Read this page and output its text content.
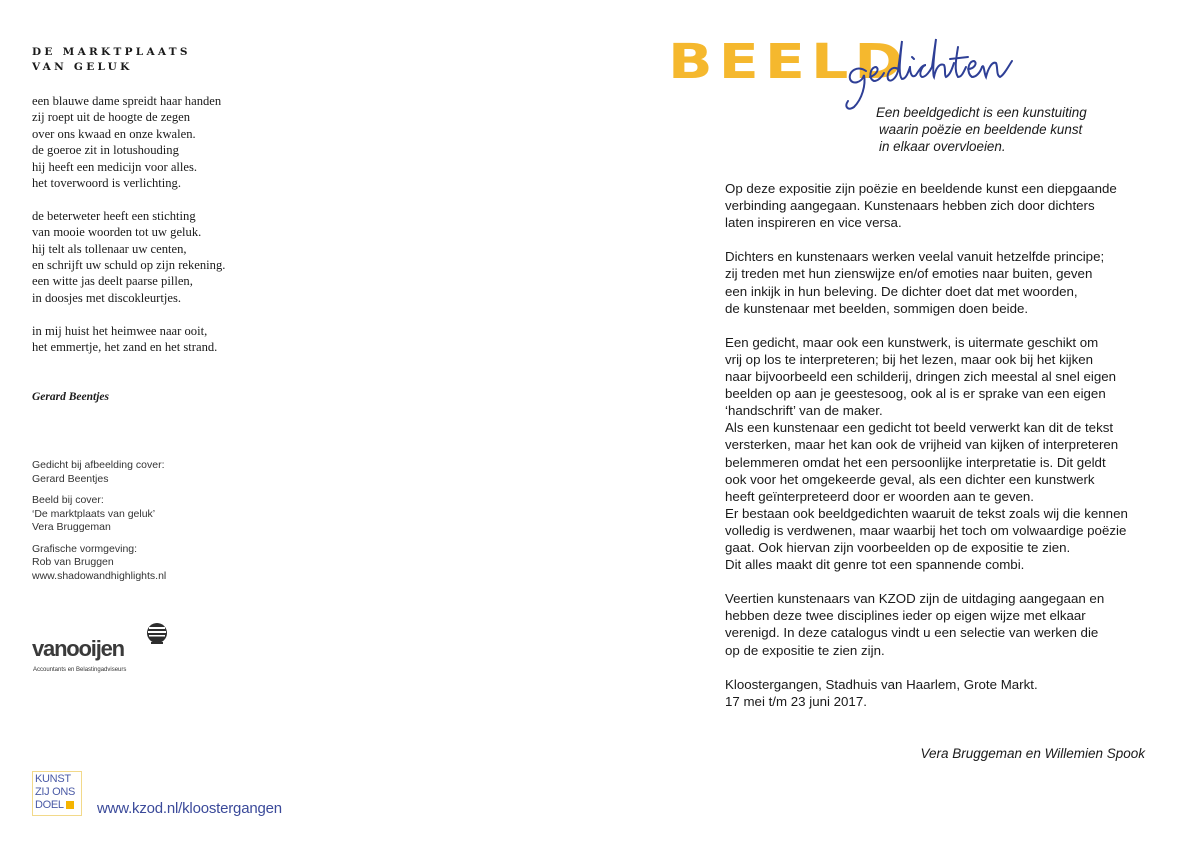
DE MARKTPLAATS
VAN GELUK
een blauwe dame spreidt haar handen
zij roept uit de hoogte de zegen
over ons kwaad en onze kwalen.
de goeroe zit in lotushouding
hij heeft een medicijn voor alles.
het toverwoord is verlichting.
de beterweter heeft een stichting
van mooie woorden tot uw geluk.
hij telt als tollenaar uw centen,
en schrijft uw schuld op zijn rekening.
een witte jas deelt paarse pillen,
in doosjes met discokleurtjes.
in mij huist het heimwee naar ooit,
het emmertje, het zand en het strand.
Gerard Beentjes
Gedicht bij afbeelding cover:
Gerard Beentjes
Beeld bij cover:
‘De marktplaats van geluk’
Vera Bruggeman
Grafische vormgeving:
Rob van Bruggen
www.shadowandhighlights.nl
vanooijen
Accountants en Belastingadviseurs
KUNST
ZIJ ONS
DOEL	www.kzod.nl/kloostergangen
BEELD
Een beeldgedicht is een kunstuiting
waarin poëzie en beeldende kunst
in elkaar overvloeien.
Op deze expositie zijn poëzie en beeldende kunst een diepgaande
verbinding aangegaan. Kunstenaars hebben zich door dichters
laten inspireren en vice versa.
Dichters en kunstenaars werken veelal vanuit hetzelfde principe;
zij treden met hun zienswijze en/of emoties naar buiten, geven
een inkijk in hun beleving. De dichter doet dat met woorden,
de kunstenaar met beelden, sommigen doen beide.
Een gedicht, maar ook een kunstwerk, is uitermate geschikt om
vrij op los te interpreteren; bij het lezen, maar ook bij het kijken
naar bijvoorbeeld een schilderij, dringen zich meestal al snel eigen
beelden op aan je geestesoog, ook al is er sprake van een eigen
‘handschrift’ van de maker.
Als een kunstenaar een gedicht tot beeld verwerkt kan dit de tekst
versterken, maar het kan ook de vrijheid van kijken of interpreteren
belemmeren omdat het een persoonlijke interpretatie is. Dit geldt
ook voor het omgekeerde geval, als een dichter een kunstwerk
heeft geïnterpreteerd door er woorden aan te geven.
Er bestaan ook beeldgedichten waaruit de tekst zoals wij die kennen
volledig is verdwenen, maar waarbij het toch om volwaardige poëzie
gaat. Ook hiervan zijn voorbeelden op de expositie te zien.
Dit alles maakt dit genre tot een spannende combi.
Veertien kunstenaars van KZOD zijn de uitdaging aangegaan en
hebben deze twee disciplines ieder op eigen wijze met elkaar
verenigd. In deze catalogus vindt u een selectie van werken die
op de expositie te zien zijn.
Kloostergangen, Stadhuis van Haarlem, Grote Markt.
17 mei t/m 23 juni 2017.
Vera Bruggeman en Willemien Spook
